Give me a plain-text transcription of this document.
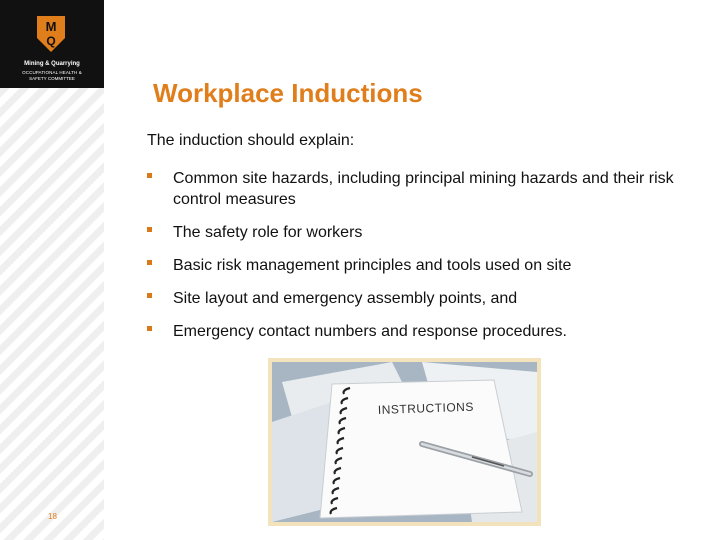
M
Q
Mining & Quarrying
OCCUPATIONAL HEALTH &
SAFETY COMMITTEE
18
Workplace Inductions
The induction should explain:
Common site hazards, including principal mining hazards and their risk control measures
The safety role for workers
Basic risk management principles and tools used on site
Site layout and emergency assembly points, and
Emergency contact numbers and response procedures.
INSTRUCTIONS
